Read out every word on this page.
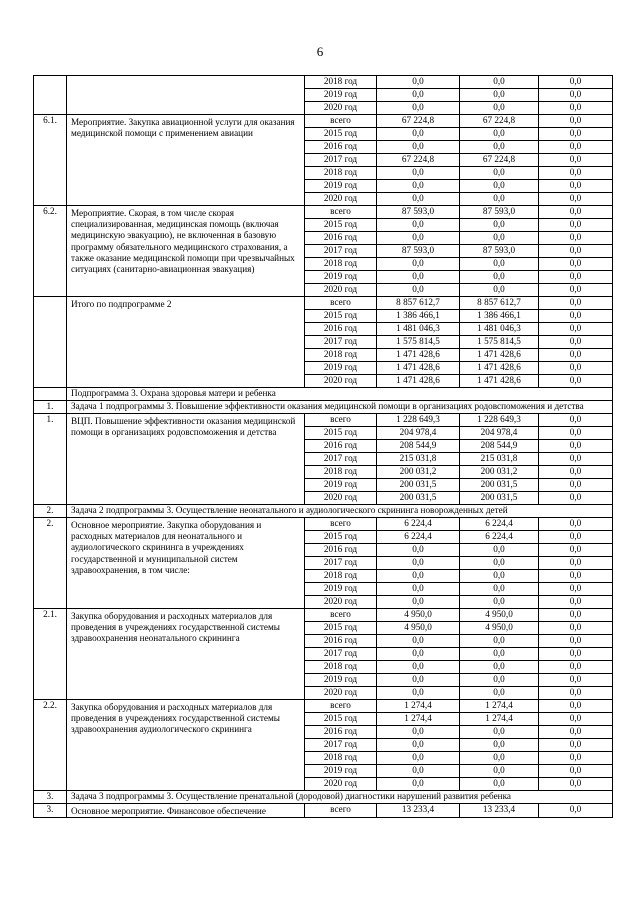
6
		2018 год	0,0	0,0	0,0
		2019 год	0,0	0,0	0,0
		2020 год	0,0	0,0	0,0
6.1.	Мероприятие. Закупка авиационной услуги для оказания медицинской помощи с применением авиации	всего	67 224,8	67 224,8	0,0
		2015 год	0,0	0,0	0,0
		2016 год	0,0	0,0	0,0
		2017 год	67 224,8	67 224,8	0,0
		2018 год	0,0	0,0	0,0
		2019 год	0,0	0,0	0,0
		2020 год	0,0	0,0	0,0
6.2.	Мероприятие. Скорая, в том числе скорая специализированная, медицинская помощь (включая медицинскую эвакуацию), не включенная в базовую программу обязательного медицинского страхования, а также оказание медицинской помощи при чрезвычайных ситуациях (санитарно-авиационная эвакуация)	всего	87 593,0	87 593,0	0,0
		2015 год	0,0	0,0	0,0
		2016 год	0,0	0,0	0,0
		2017 год	87 593,0	87 593,0	0,0
		2018 год	0,0	0,0	0,0
		2019 год	0,0	0,0	0,0
		2020 год	0,0	0,0	0,0
	Итого по подпрограмме 2	всего	8 857 612,7	8 857 612,7	0,0
		2015 год	1 386 466,1	1 386 466,1	0,0
		2016 год	1 481 046,3	1 481 046,3	0,0
		2017 год	1 575 814,5	1 575 814,5	0,0
		2018 год	1 471 428,6	1 471 428,6	0,0
		2019 год	1 471 428,6	1 471 428,6	0,0
		2020 год	1 471 428,6	1 471 428,6	0,0
	Подпрограмма 3. Охрана здоровья матери и ребенка				
1.	Задача 1 подпрограммы 3. Повышение эффективности оказания медицинской помощи в организациях родовспоможения и детства				
1.	ВЦП. Повышение эффективности оказания медицинской помощи в организациях родовспоможения и детства	всего	1 228 649,3	1 228 649,3	0,0
		2015 год	204 978,4	204 978,4	0,0
		2016 год	208 544,9	208 544,9	0,0
		2017 год	215 031,8	215 031,8	0,0
		2018 год	200 031,2	200 031,2	0,0
		2019 год	200 031,5	200 031,5	0,0
		2020 год	200 031,5	200 031,5	0,0
2.	Задача 2 подпрограммы 3. Осуществление неонатального и аудиологического скрининга новорожденных детей				
2.	Основное мероприятие. Закупка оборудования и расходных материалов для неонатального и аудиологического скрининга в учреждениях государственной и муниципальной систем здравоохранения, в том числе:	всего	6 224,4	6 224,4	0,0
		2015 год	6 224,4	6 224,4	0,0
		2016 год	0,0	0,0	0,0
		2017 год	0,0	0,0	0,0
		2018 год	0,0	0,0	0,0
		2019 год	0,0	0,0	0,0
		2020 год	0,0	0,0	0,0
2.1.	Закупка оборудования и расходных материалов для проведения в учреждениях государственной системы здравоохранения неонатального скрининга	всего	4 950,0	4 950,0	0,0
		2015 год	4 950,0	4 950,0	0,0
		2016 год	0,0	0,0	0,0
		2017 год	0,0	0,0	0,0
		2018 год	0,0	0,0	0,0
		2019 год	0,0	0,0	0,0
		2020 год	0,0	0,0	0,0
2.2.	Закупка оборудования и расходных материалов для проведения в учреждениях государственной системы здравоохранения аудиологического скрининга	всего	1 274,4	1 274,4	0,0
		2015 год	1 274,4	1 274,4	0,0
		2016 год	0,0	0,0	0,0
		2017 год	0,0	0,0	0,0
		2018 год	0,0	0,0	0,0
		2019 год	0,0	0,0	0,0
		2020 год	0,0	0,0	0,0
3.	Задача 3 подпрограммы 3. Осуществление пренатальной (дородовой) диагностики нарушений развития ребенка				
3.	Основное мероприятие. Финансовое обеспечение	всего	13 233,4	13 233,4	0,0
